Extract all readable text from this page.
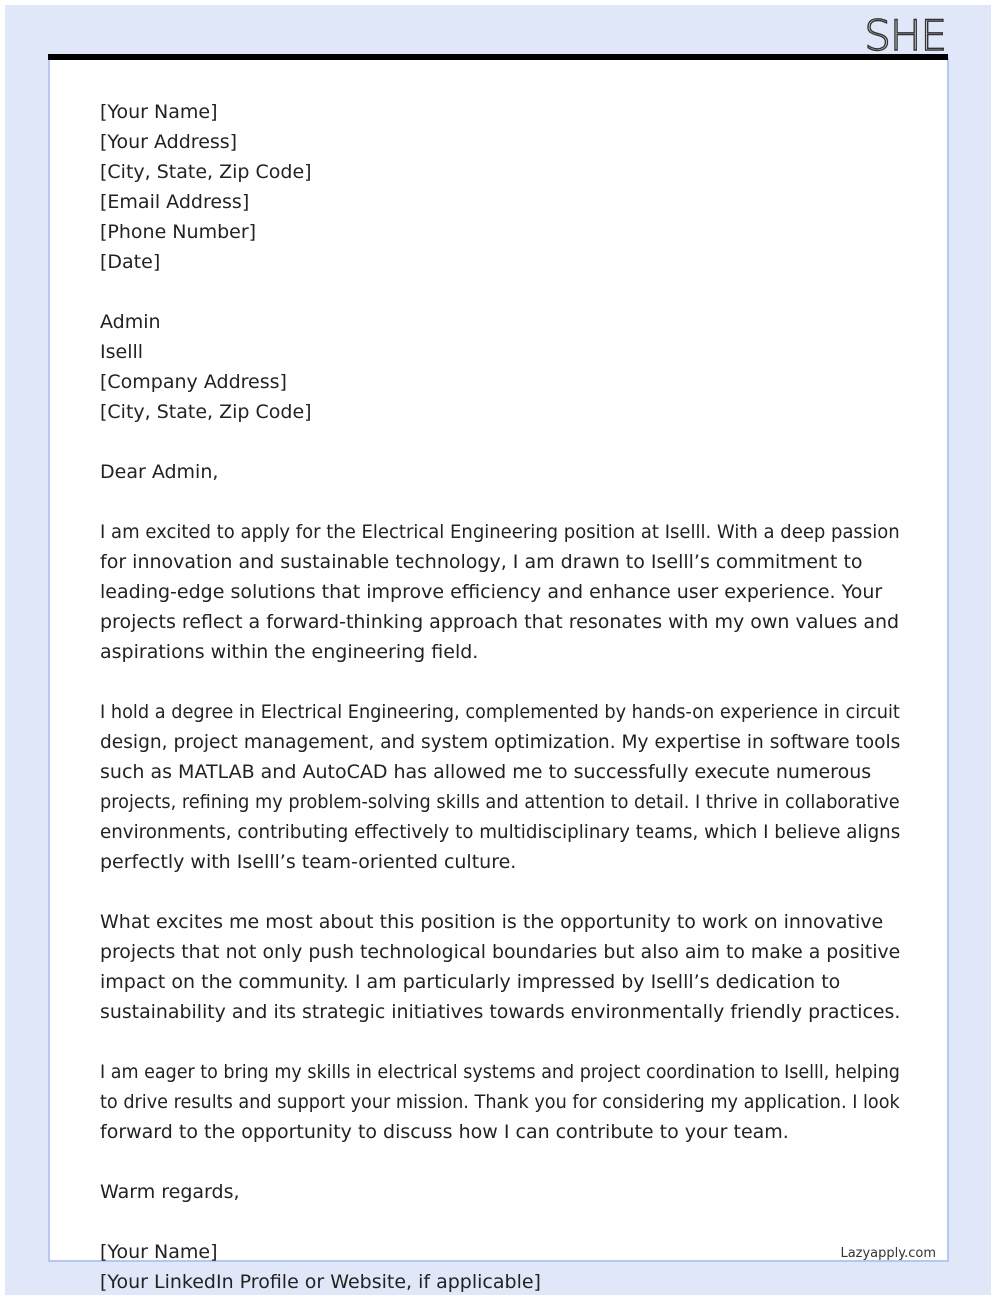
SHE
[Your Name]
[Your Address]
[City, State, Zip Code]
[Email Address]
[Phone Number]
[Date]
Admin
Iselll
[Company Address]
[City, State, Zip Code]
Dear Admin,

I am excited to apply for the Electrical Engineering position at Iselll. With a deep passion
for innovation and sustainable technology, I am drawn to Iselll’s commitment to
leading-edge solutions that improve efficiency and enhance user experience. Your
projects reflect a forward-thinking approach that resonates with my own values and
aspirations within the engineering field.

I hold a degree in Electrical Engineering, complemented by hands-on experience in circuit design, project management, and system optimization. My expertise in software tools
such as MATLAB and AutoCAD has allowed me to successfully execute numerous
projects, refining my problem-solving skills and attention to detail. I thrive in collaborative environments, contributing effectively to multidisciplinary teams, which I believe aligns
perfectly with Iselll’s team-oriented culture.

What excites me most about this position is the opportunity to work on innovative
projects that not only push technological boundaries but also aim to make a positive
impact on the community. I am particularly impressed by Iselll’s dedication to
sustainability and its strategic initiatives towards environmentally friendly practices.

I am eager to bring my skills in electrical systems and project coordination to Iselll, helping to drive results and support your mission. Thank you for considering my application. I look
forward to the opportunity to discuss how I can contribute to your team.

Warm regards,
[Your Name]
[Your LinkedIn Profile or Website, if applicable]
Lazyapply.com
